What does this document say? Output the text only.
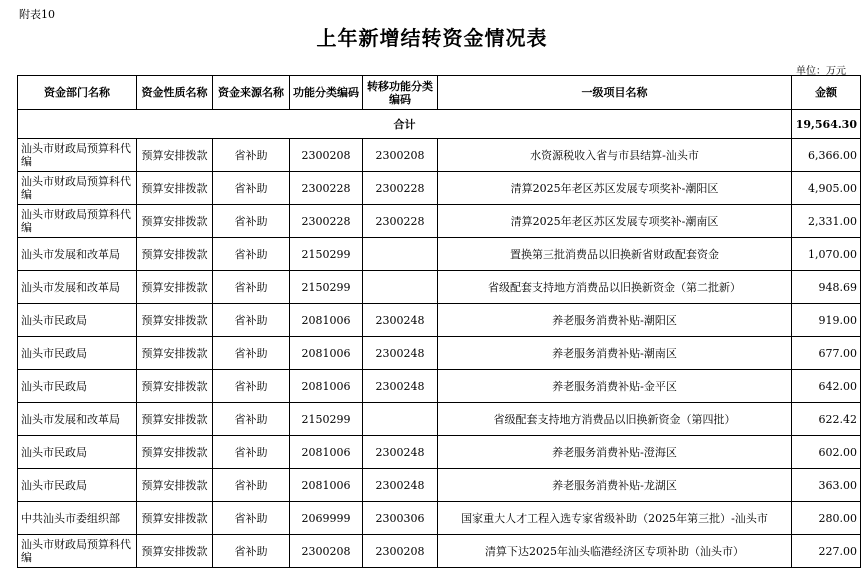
附表10
上年新增结转资金情况表
单位：万元
资金部门名称	资金性质名称	资金来源名称	功能分类编码	转移功能分类编码	一级项目名称	金额
合计						19,564.30
汕头市财政局预算科代编	预算安排拨款	省补助	2300208	2300208	水资源税收入省与市县结算-汕头市	6,366.00
汕头市财政局预算科代编	预算安排拨款	省补助	2300228	2300228	清算2025年老区苏区发展专项奖补-潮阳区	4,905.00
汕头市财政局预算科代编	预算安排拨款	省补助	2300228	2300228	清算2025年老区苏区发展专项奖补-潮南区	2,331.00
汕头市发展和改革局	预算安排拨款	省补助	2150299		置换第三批消费品以旧换新省财政配套资金	1,070.00
汕头市发展和改革局	预算安排拨款	省补助	2150299		省级配套支持地方消费品以旧换新资金（第二批新）	948.69
汕头市民政局	预算安排拨款	省补助	2081006	2300248	养老服务消费补贴-潮阳区	919.00
汕头市民政局	预算安排拨款	省补助	2081006	2300248	养老服务消费补贴-潮南区	677.00
汕头市民政局	预算安排拨款	省补助	2081006	2300248	养老服务消费补贴-金平区	642.00
汕头市发展和改革局	预算安排拨款	省补助	2150299		省级配套支持地方消费品以旧换新资金（第四批）	622.42
汕头市民政局	预算安排拨款	省补助	2081006	2300248	养老服务消费补贴-澄海区	602.00
汕头市民政局	预算安排拨款	省补助	2081006	2300248	养老服务消费补贴-龙湖区	363.00
中共汕头市委组织部	预算安排拨款	省补助	2069999	2300306	国家重大人才工程入选专家省级补助（2025年第三批）-汕头市	280.00
汕头市财政局预算科代编	预算安排拨款	省补助	2300208	2300208	清算下达2025年汕头临港经济区专项补助（汕头市）	227.00
